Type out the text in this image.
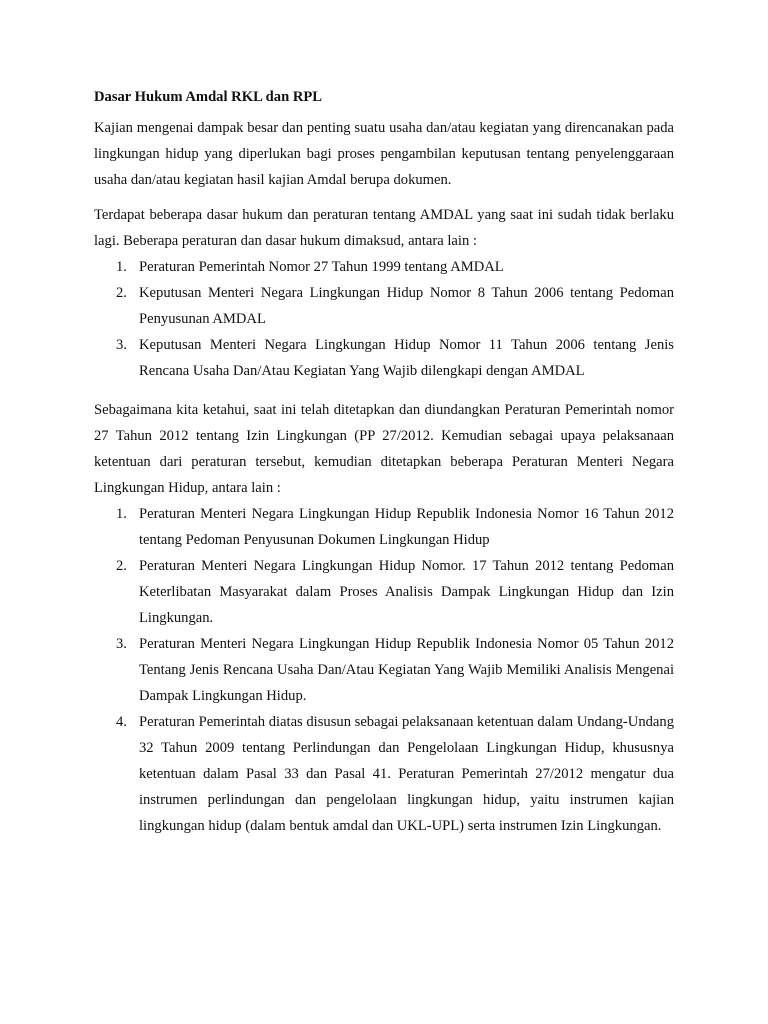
Dasar Hukum Amdal RKL dan RPL

Kajian mengenai dampak besar dan penting suatu usaha dan/atau kegiatan yang direncanakan pada lingkungan hidup yang diperlukan bagi proses pengambilan keputusan tentang penyelenggaraan usaha dan/atau kegiatan hasil kajian Amdal berupa dokumen.

Terdapat beberapa dasar hukum dan peraturan tentang AMDAL yang saat ini sudah tidak berlaku lagi. Beberapa peraturan dan dasar hukum dimaksud, antara lain :

1. Peraturan Pemerintah Nomor 27 Tahun 1999 tentang AMDAL
2. Keputusan Menteri Negara Lingkungan Hidup Nomor 8 Tahun 2006 tentang Pedoman Penyusunan AMDAL
3. Keputusan Menteri Negara Lingkungan Hidup Nomor 11 Tahun 2006 tentang Jenis Rencana Usaha Dan/Atau Kegiatan Yang Wajib dilengkapi dengan AMDAL

Sebagaimana kita ketahui, saat ini telah ditetapkan dan diundangkan Peraturan Pemerintah nomor 27 Tahun 2012 tentang Izin Lingkungan (PP 27/2012. Kemudian sebagai upaya pelaksanaan ketentuan dari peraturan tersebut, kemudian ditetapkan beberapa Peraturan Menteri Negara Lingkungan Hidup, antara lain :

1. Peraturan Menteri Negara Lingkungan Hidup Republik Indonesia Nomor 16 Tahun 2012 tentang Pedoman Penyusunan Dokumen Lingkungan Hidup
2. Peraturan Menteri Negara Lingkungan Hidup Nomor. 17 Tahun 2012 tentang Pedoman Keterlibatan Masyarakat dalam Proses Analisis Dampak Lingkungan Hidup dan Izin Lingkungan.
3. Peraturan Menteri Negara Lingkungan Hidup Republik Indonesia Nomor 05 Tahun 2012 Tentang Jenis Rencana Usaha Dan/Atau Kegiatan Yang Wajib Memiliki Analisis Mengenai Dampak Lingkungan Hidup.
4. Peraturan Pemerintah diatas disusun sebagai pelaksanaan ketentuan dalam Undang-Undang 32 Tahun 2009 tentang Perlindungan dan Pengelolaan Lingkungan Hidup, khususnya ketentuan dalam Pasal 33 dan Pasal 41. Peraturan Pemerintah 27/2012 mengatur dua instrumen perlindungan dan pengelolaan lingkungan hidup, yaitu instrumen kajian lingkungan hidup (dalam bentuk amdal dan UKL-UPL) serta instrumen Izin Lingkungan.
